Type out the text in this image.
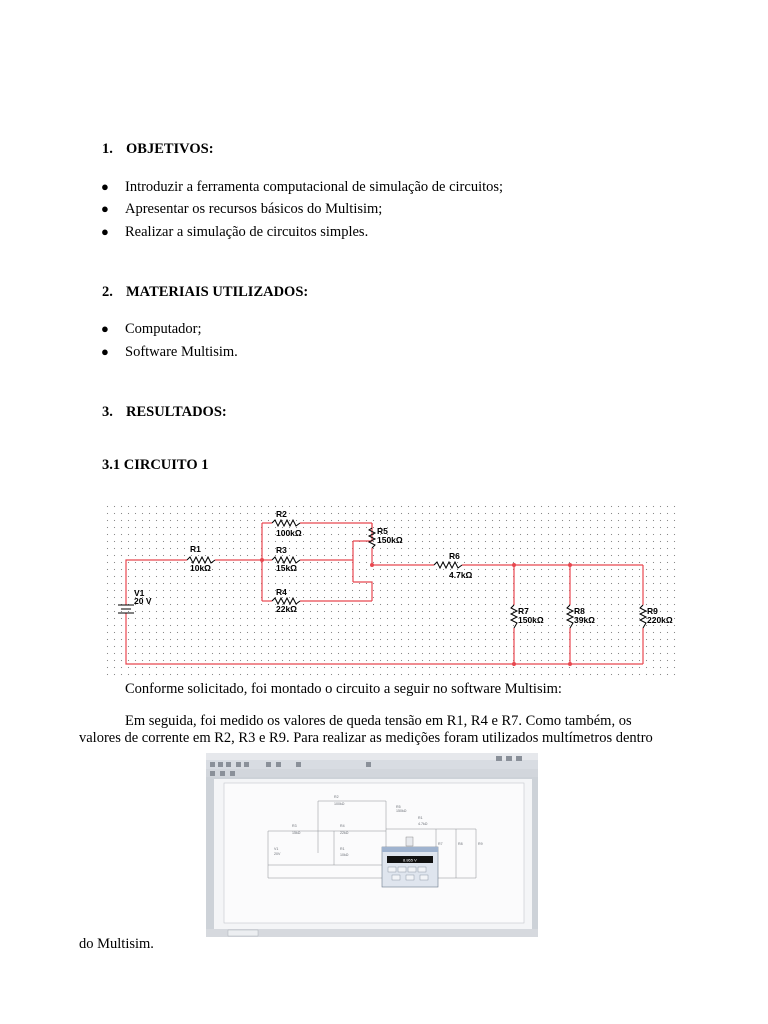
1. OBJETIVOS:
● Introduzir a ferramenta computacional de simulação de circuitos;
● Apresentar os recursos básicos do Multisim;
● Realizar a simulação de circuitos simples.
2. MATERIAIS UTILIZADOS:
● Computador;
● Software Multisim.
3. RESULTADOS:
3.1 CIRCUITO 1
V1
20 V
R1
10kΩ
R2
100kΩ
R3
15kΩ
R4
22kΩ
R5
150kΩ
R6
4.7kΩ
R7
150kΩ
R8
39kΩ
R9
220kΩ
Conforme solicitado, foi montado o circuito a seguir no software Multisim:
Em seguida, foi medido os valores de queda tensão em R1, R4 e R7. Como também, os
valores de corrente em R2, R3 e R9. Para realizar as medições foram utilizados multímetros dentro
do Multisim.
R2
100kΩ
R5
150kΩ
R3
15kΩ
R4
22kΩ
R1
4.7kΩ
V1
20V
R1
10kΩ
R7	R8	R9
8.865 V
